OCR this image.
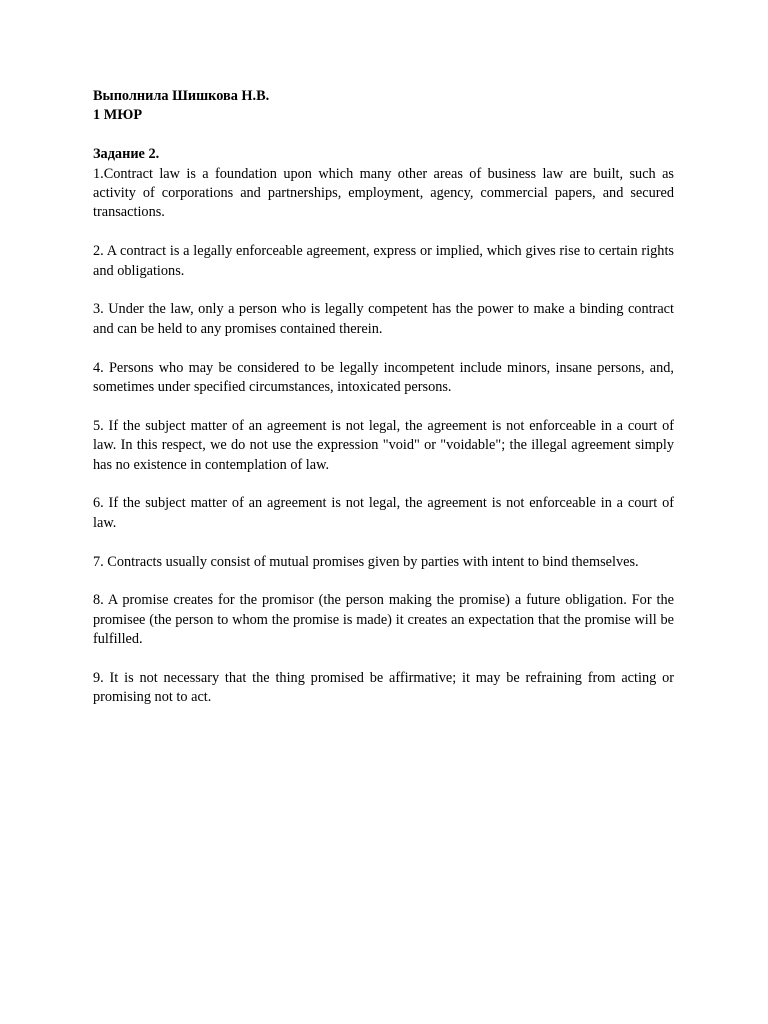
Выполнила Шишкова Н.В.

1 МЮР

Задание 2.

1.Contract law is a foundation upon which many other areas of business law are built, such as activity of corporations and partnerships, employment, agency, commercial papers, and secured transactions.

2. A contract is a legally enforceable agreement, express or implied, which gives rise to certain rights and obligations.

3. Under the law, only a person who is legally competent has the power to make a binding contract and can be held to any promises contained therein.

4. Persons who may be considered to be legally incompetent include minors, insane persons, and, sometimes under specified circumstances, intoxicated persons.

5. If the subject matter of an agreement is not legal, the agreement is not enforceable in a court of law. In this respect, we do not use the expression "void" or "voidable"; the illegal agreement simply has no existence in contemplation of law.

6. If the subject matter of an agreement is not legal, the agreement is not enforceable in a court of law.

7. Contracts usually consist of mutual promises given by parties with intent to bind themselves.

8. A promise creates for the promisor (the person making the promise) a future obligation. For the promisee (the person to whom the promise is made) it creates an expectation that the promise will be fulfilled.

9. It is not necessary that the thing promised be affirmative; it may be refraining from acting or promising not to act.
